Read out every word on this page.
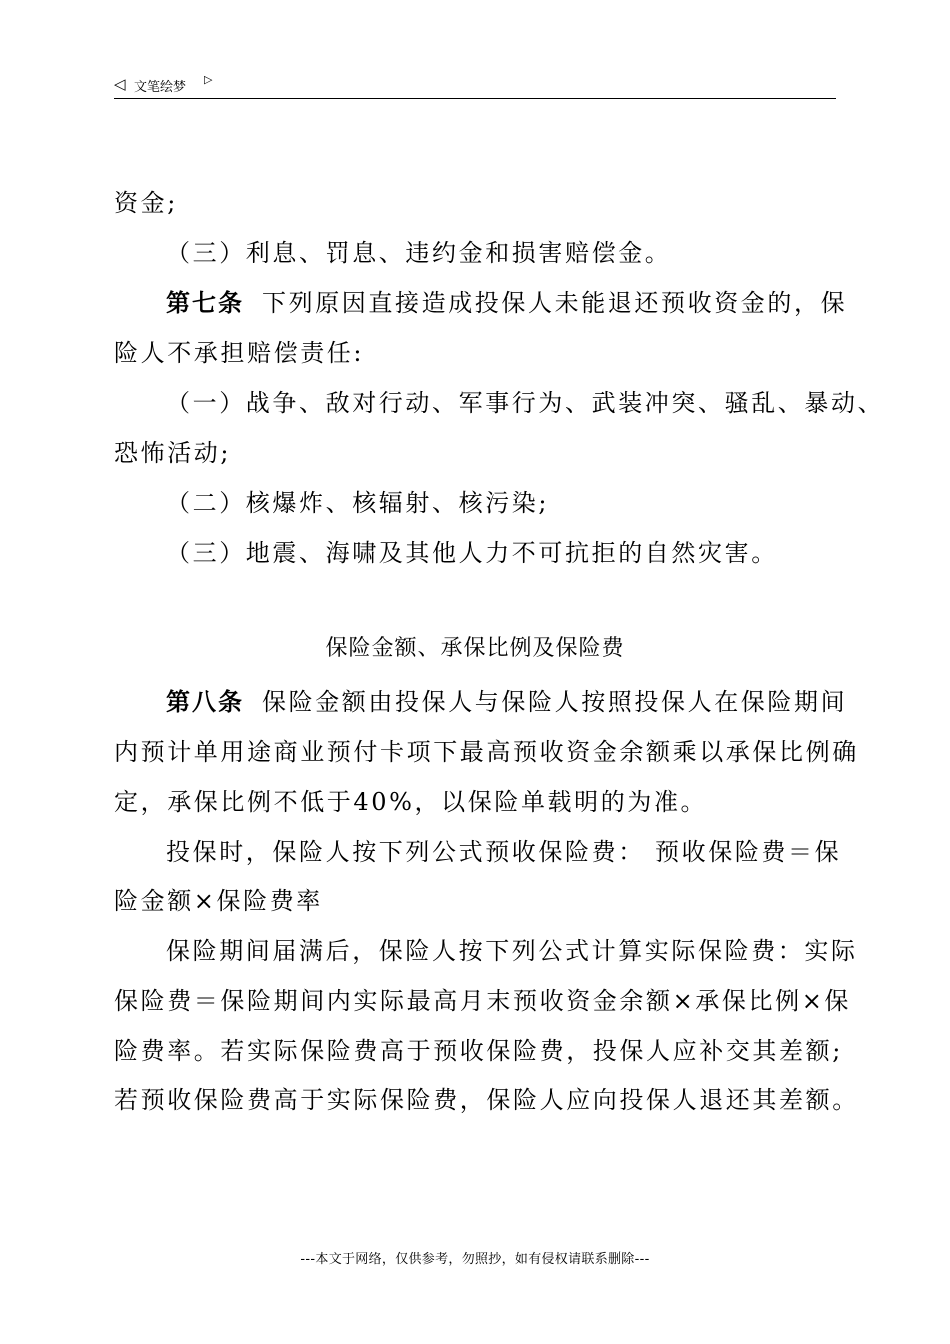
◁ 文笔绘梦
▷
资金;
（三）利息、罚息、违约金和损害赔偿金。
第七条 下列原因直接造成投保人未能退还预收资金的，保
险人不承担赔偿责任:
（一）战争、敌对行动、军事行为、武装冲突、骚乱、暴动、
恐怖活动;
（二）核爆炸、核辐射、核污染;
（三）地震、海啸及其他人力不可抗拒的自然灾害。
保险金额、承保比例及保险费
第八条 保险金额由投保人与保险人按照投保人在保险期间
内预计单用途商业预付卡项下最高预收资金余额乘以承保比例确
定，承保比例不低于40%，以保险单载明的为准。
投保时，保险人按下列公式预收保险费： 预收保险费＝保
险金额×保险费率
保险期间届满后，保险人按下列公式计算实际保险费：实际
保险费＝保险期间内实际最高月末预收资金余额×承保比例×保
险费率。若实际保险费高于预收保险费，投保人应补交其差额;
若预收保险费高于实际保险费，保险人应向投保人退还其差额。
---本文于网络，仅供参考，勿照抄，如有侵权请联系删除---
